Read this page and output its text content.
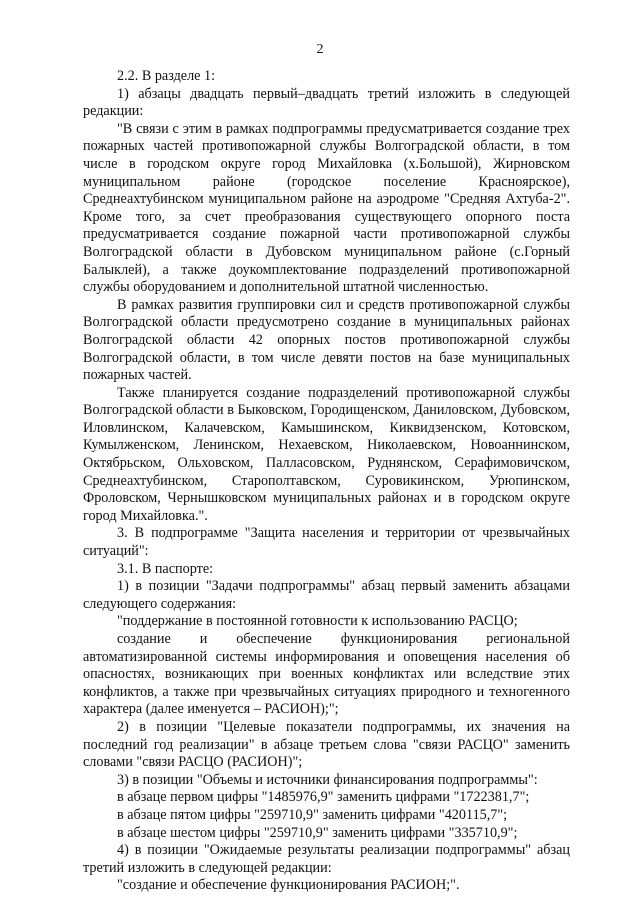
2

2.2. В разделе 1:

1) абзацы двадцать первый–двадцать третий изложить в следующей редакции:

"В связи с этим в рамках подпрограммы предусматривается создание трех пожарных частей противопожарной службы Волгоградской области, в том числе в городском округе город Михайловка (х.Большой), Жирновском муниципальном районе (городское поселение Красноярское), Среднеахтубинском муниципальном районе на аэродроме "Средняя Ахтуба-2". Кроме того, за счет преобразования существующего опорного поста предусматривается создание пожарной части противопожарной службы Волгоградской области в Дубовском муниципальном районе (с.Горный Балыклей), а также доукомплектование подразделений противопожарной службы оборудованием и дополнительной штатной численностью.

В рамках развития группировки сил и средств противопожарной службы Волгоградской области предусмотрено создание в муниципальных районах Волгоградской области 42 опорных постов противопожарной службы Волгоградской области, в том числе девяти постов на базе муниципальных пожарных частей.

Также планируется создание подразделений противопожарной службы Волгоградской области в Быковском, Городищенском, Даниловском, Дубовском, Иловлинском, Калачевском, Камышинском, Киквидзенском, Котовском, Кумылженском, Ленинском, Нехаевском, Николаевском, Новоаннинском, Октябрьском, Ольховском, Палласовском, Руднянском, Серафимовичском, Среднеахтубинском, Старополтавском, Суровикинском, Урюпинском, Фроловском, Чернышковском муниципальных районах и в городском округе город Михайловка.".

3. В подпрограмме "Защита населения и территории от чрезвычайных ситуаций":

3.1. В паспорте:

1) в позиции "Задачи подпрограммы" абзац первый заменить абзацами следующего содержания:

"поддержание в постоянной готовности к использованию РАСЦО;

создание и обеспечение функционирования региональной автоматизированной системы информирования и оповещения населения об опасностях, возникающих при военных конфликтах или вследствие этих конфликтов, а также при чрезвычайных ситуациях природного и техногенного характера (далее именуется – РАСИОН);";

2) в позиции "Целевые показатели подпрограммы, их значения на последний год реализации" в абзаце третьем слова "связи РАСЦО" заменить словами "связи РАСЦО (РАСИОН)";

3) в позиции "Объемы и источники финансирования подпрограммы":

в абзаце первом цифры "1485976,9" заменить цифрами "1722381,7";

в абзаце пятом цифры "259710,9" заменить цифрами "420115,7";

в абзаце шестом цифры "259710,9" заменить цифрами "335710,9";

4) в позиции "Ожидаемые результаты реализации подпрограммы" абзац третий изложить в следующей редакции:

"создание и обеспечение функционирования РАСИОН;".
